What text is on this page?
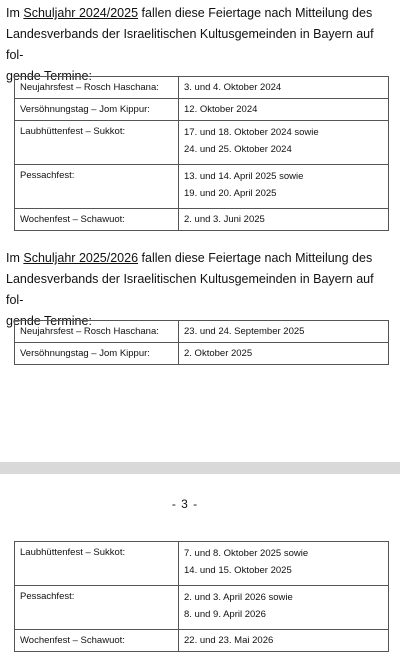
Im Schuljahr 2024/2025 fallen diese Feiertage nach Mitteilung des
Landesverbands der Israelitischen Kultusgemeinden in Bayern auf fol-
gende Termine:

Neujahrsfest – Rosch Haschana:	3. und 4. Oktober 2024
Versöhnungstag – Jom Kippur:	12. Oktober 2024
Laubhüttenfest – Sukkot:	17. und 18. Oktober 2024 sowie
24. und 25. Oktober 2024

Pessachfest:	13. und 14. April 2025 sowie
19. und 20. April 2025

Wochenfest – Schawuot:	2. und 3. Juni 2025

Im Schuljahr 2025/2026 fallen diese Feiertage nach Mitteilung des
Landesverbands der Israelitischen Kultusgemeinden in Bayern auf fol-
gende Termine:

Neujahrsfest – Rosch Haschana:	23. und 24. September 2025
Versöhnungstag – Jom Kippur:	2. Oktober 2025
- 3 -
Laubhüttenfest – Sukkot:	7. und 8. Oktober 2025 sowie
14. und 15. Oktober 2025

Pessachfest:	2. und 3. April 2026 sowie
8. und 9. April 2026

Wochenfest – Schawuot:	22. und 23. Mai 2026
